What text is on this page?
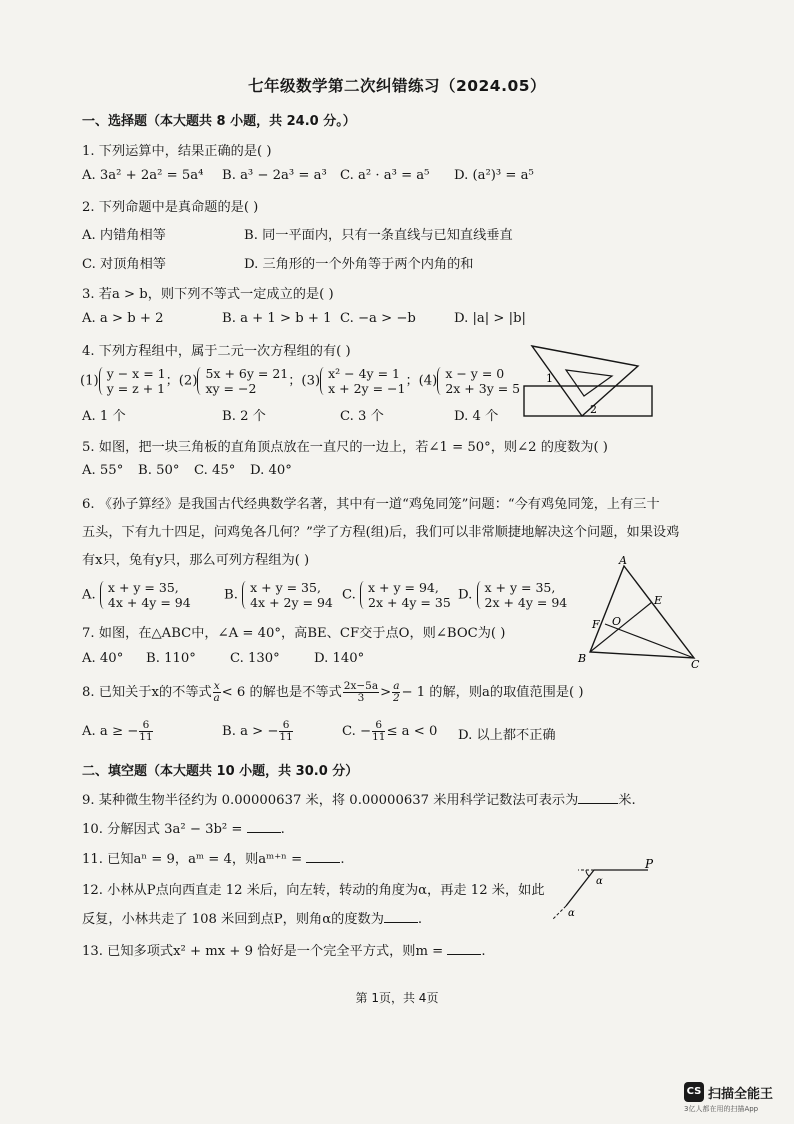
七年级数学第二次纠错练习（2024.05）
一、选择题（本大题共 8 小题，共 24.0 分。）
1. 下列运算中，结果正确的是( )
A. 3a² + 2a² = 5a⁴ B. a³ − 2a³ = a³ C. a² · a³ = a⁵ D. (a²)³ = a⁵
2. 下列命题中是真命题的是( )
A. 内错角相等	B. 同一平面内，只有一条直线与已知直线垂直
C. 对顶角相等	D. 三角形的一个外角等于两个内角的和
3. 若a > b，则下列不等式一定成立的是( )
A. a > b + 2	B. a + 1 > b + 1 C. −a > −b	D. |a| > |b|
4. 下列方程组中，属于二元一次方程组的有( )
(1) y − x = 1
y = z + 1 ；(2) 5x + 6y = 21
xy = −2	；(3) x² − 4y = 1
x + 2y = −1 ；(4) x − y = 0
2x + 3y = 5
A. 1 个	B. 2 个	C. 3 个	D. 4 个
1
2
5. 如图，把一块三角板的直角顶点放在一直尺的一边上，若∠1 = 50°，则∠2 的度数为( )
A. 55° B. 50° C. 45° D. 40°
6. 《孙子算经》是我国古代经典数学名著，其中有一道“鸡兔同笼”问题：“今有鸡兔同笼，上有三十
五头，下有九十四足，问鸡兔各几何？”学了方程(组)后，我们可以非常顺捷地解决这个问题，如果设鸡
有x只，兔有y只，那么可列方程组为( )
A. x + y = 35,
4x + 4y = 94	B. x + y = 35,
4x + 2y = 94 C. x + y = 94,
2x + 4y = 35 D. x + y = 35,
2x + 4y = 94
A
B	C
E
F O
7. 如图，在△ABC中，∠A = 40°，高BE、CF交于点O，则∠BOC为( )
A. 40° B. 110°	C. 130°	D. 140°
8. 已知关于x的不等式 $\frac{x}{a} < 6$ 的解也是不等式 $\frac{2x-5a}{3} > \frac{a}{2} - 1$ 的解，则a的取值范围是( )
A. a ≥ − $\frac{6}{11}$	B. a > − $\frac{6}{11}$	C. − $\frac{6}{11} \le a < 0$ D. 以上都不正确
二、填空题（本大题共 10 小题，共 30.0 分）
9. 某种微生物半径约为 0.00000637 米，将 0.00000637 米用科学记数法可表示为	米.
10. 分解因式 3a² − 3b² =	.
11. 已知aⁿ = 9，aᵐ = 4，则aᵐ⁺ⁿ =	.	P
α
α
12. 小林从P点向西直走 12 米后，向左转，转动的角度为α，再走 12 米，如此
反复，小林共走了 108 米回到点P，则角α的度数为	.
13. 已知多项式x² + mx + 9 恰好是一个完全平方式，则m =	.
第 1页，共 4页
CS 扫描全能王
3亿人都在用的扫描App
